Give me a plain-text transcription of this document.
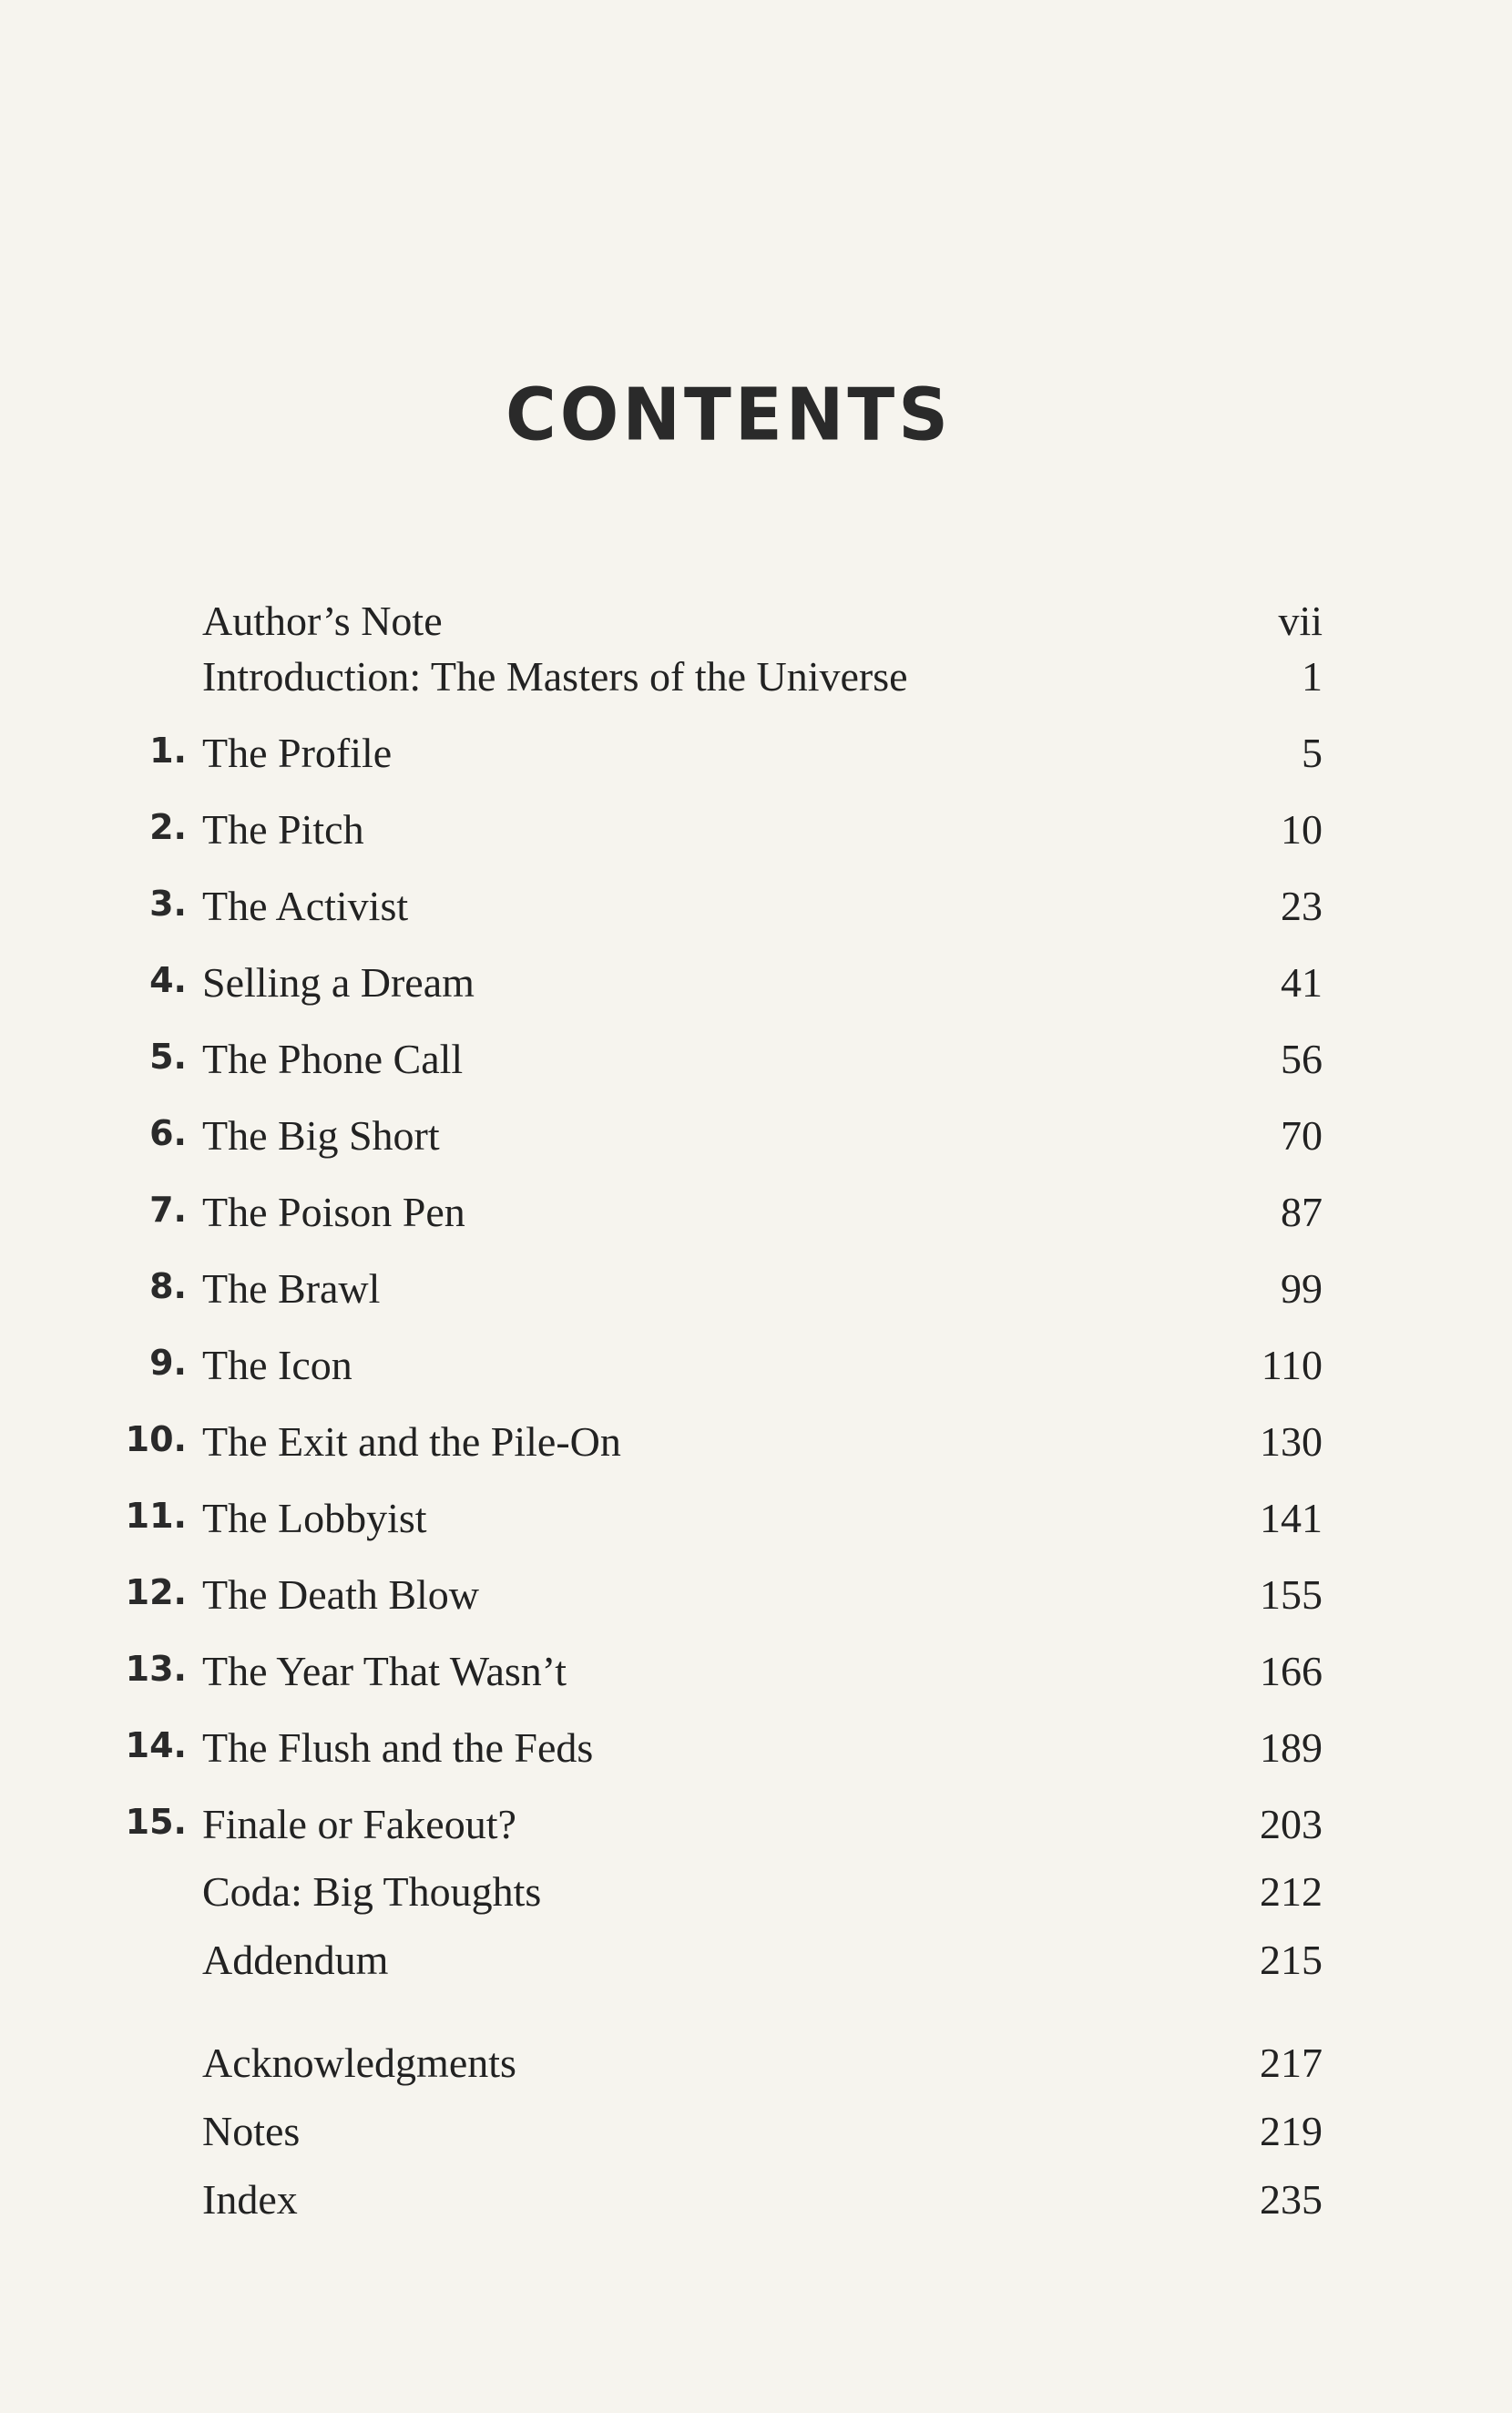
CONTENTS
Author’s Note	vii
Introduction: The Masters of the Universe	1
1. The Profile	5
2. The Pitch	10
3. The Activist	23
4. Selling a Dream	41
5. The Phone Call	56
6. The Big Short	70
7. The Poison Pen	87
8. The Brawl	99
9. The Icon	110
10. The Exit and the Pile-On	130
11. The Lobbyist	141
12. The Death Blow	155
13. The Year That Wasn’t	166
14. The Flush and the Feds	189
15. Finale or Fakeout?	203
Coda: Big Thoughts	212
Addendum	215
Acknowledgments	217
Notes	219
Index	235
